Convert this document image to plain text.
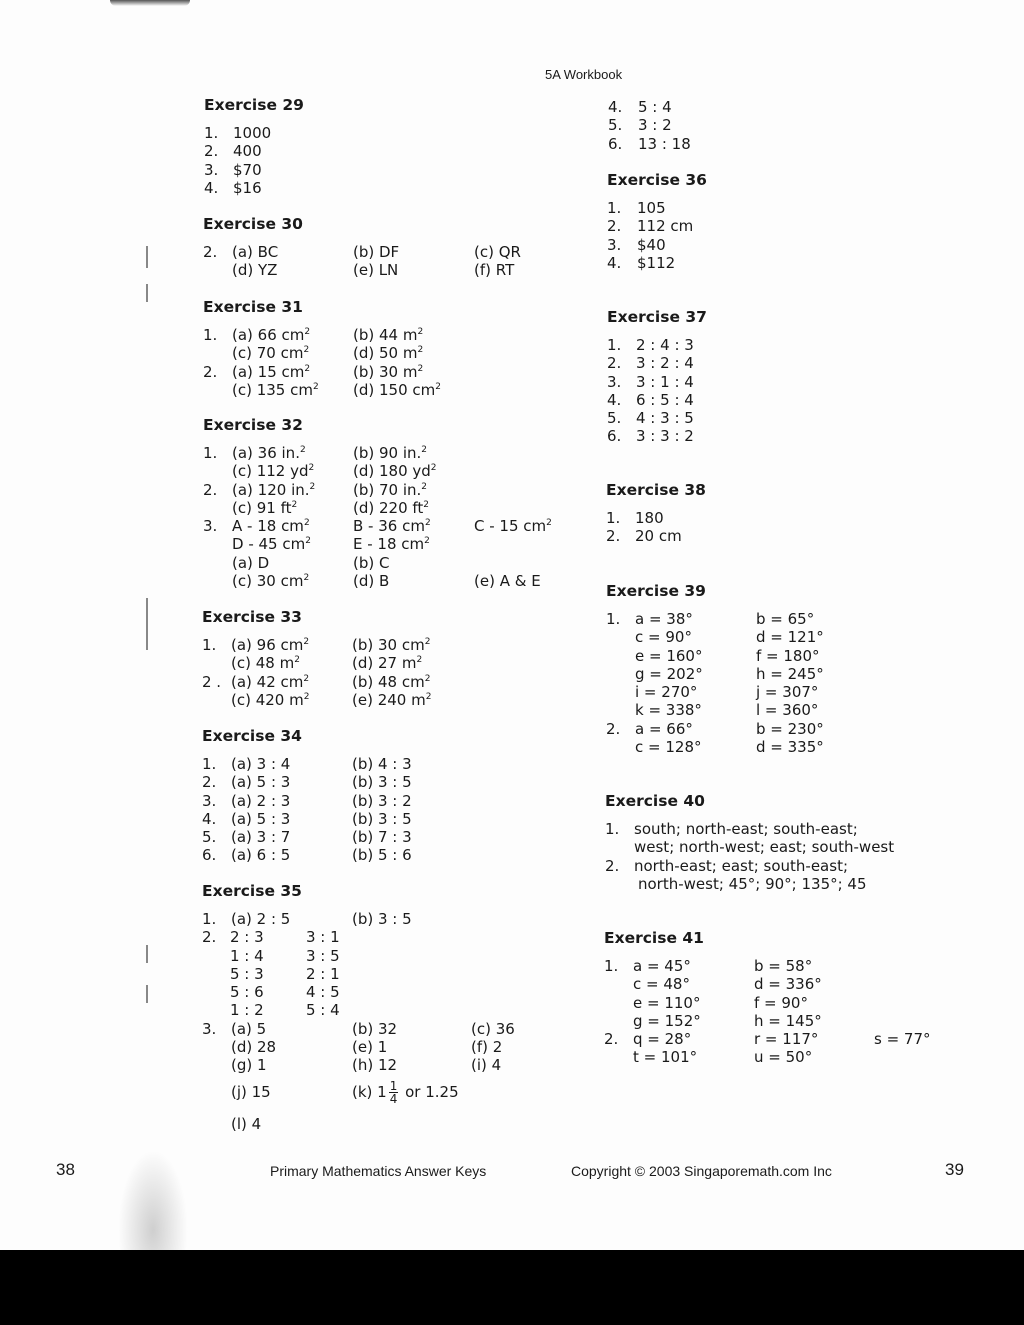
5A Workbook
Exercise 29
1. 1000
2. 400
3. $70
4. $16
Exercise 30
2. (a) BC	(b) DF	(c) QR
(d) YZ	(e) LN	(f) RT
Exercise 31
1. (a) 66 $cm^2$	(b) 44 $m^2$
(c) 70 $cm^2$	(d) 50 $m^2$
2. (a) 15 $cm^2$	(b) 30 $m^2$
(c) 135 $cm^2$ (d) 150 $cm^2$
Exercise 32
1. (a) 36 in.$^2$	(b) 90 in.$^2$
(c) 112 $yd^2$	(d) 180 $yd^2$
2. (a) 120 in.$^2$	(b) 70 in.$^2$
(c) 91 $ft^2$	(d) 220 $ft^2$
3. A - 18 $cm^2$	B - 36 $cm^2$	C - 15 $cm^2$
D - 45 $cm^2$	E - 18 $cm^2$
(a) D	(b) C
(c) 30 $cm^2$	(d) B	(e) A & E
Exercise 33
1. (a) 96 $cm^2$	(b) 30 $cm^2$
(c) 48 $m^2$	(d) 27 $m^2$
2 . (a) 42 $cm^2$	(b) 48 $cm^2$
(c) 420 $m^2$	(e) 240 $m^2$
Exercise 34
1. (a) 3 : 4	(b) 4 : 3
2. (a) 5 : 3	(b) 3 : 5
3. (a) 2 : 3	(b) 3 : 2
4. (a) 5 : 3	(b) 3 : 5
5. (a) 3 : 7	(b) 7 : 3
6. (a) 6 : 5	(b) 5 : 6
Exercise 35
1. (a) 2 : 5	(b) 3 : 5
2. 2 : 3	3 : 1
1 : 4	3 : 5
5 : 3	2 : 1
5 : 6	4 : 5
1 : 2	5 : 4
3. (a) 5	(b) 32	(c) 36
(d) 28	(e) 1	(f) 2
(g) 1	(h) 12	(i) 4
(j) 15	(k) $1 \frac{1}{4}$ or 1.25
(l) 4
4. 5 : 4
5. 3 : 2
6. 13 : 18
Exercise 36
1. 105
2. 112 cm
3. $40
4. $112
Exercise 37
1. 2 : 4 : 3
2. 3 : 2 : 4
3. 3 : 1 : 4
4. 6 : 5 : 4
5. 4 : 3 : 5
6. 3 : 3 : 2
Exercise 38
1. 180
2. 20 cm
Exercise 39
1. a = 38°	b = 65°
c = 90°	d = 121°
e = 160°	f = 180°
g = 202°	h = 245°
i = 270°	j = 307°
k = 338°	l = 360°
2. a = 66°	b = 230°
c = 128°	d = 335°
Exercise 40
1. south; north-east; south-east;
west; north-west; east; south-west
2. north-east; east; south-east;
north-west; 45°; 90°; 135°; 45
Exercise 41
1. a = 45°	b = 58°
c = 48°	d = 336°
e = 110°	f = 90°
g = 152°	h = 145°
2. q = 28°	r = 117°	s = 77°
t = 101°	u = 50°
38	Primary Mathematics Answer Keys	Copyright © 2003 Singaporemath.com Inc	39
